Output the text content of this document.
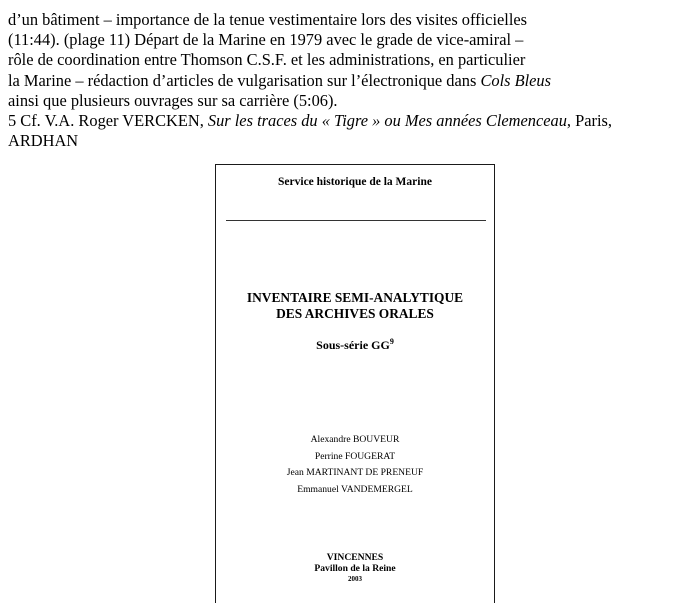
d’un bâtiment – importance de la tenue vestimentaire lors des visites officielles
(11:44). (plage 11) Départ de la Marine en 1979 avec le grade de vice-amiral –
rôle de coordination entre Thomson C.S.F. et les administrations, en particulier
la Marine – rédaction d’articles de vulgarisation sur l’électronique dans Cols Bleus
ainsi que plusieurs ouvrages sur sa carrière (5:06).
5 Cf. V.A. Roger VERCKEN, Sur les traces du « Tigre » ou Mes années Clemenceau, Paris,
ARDHAN
Service historique de la Marine
INVENTAIRE SEMI-ANALYTIQUE
DES ARCHIVES ORALES
Sous-série $GG^9$
Alexandre BOUVEUR
Perrine FOUGERAT
Jean MARTINANT DE PRENEUF
Emmanuel VANDEMERGEL
VINCENNES
Pavillon de la Reine
2003
